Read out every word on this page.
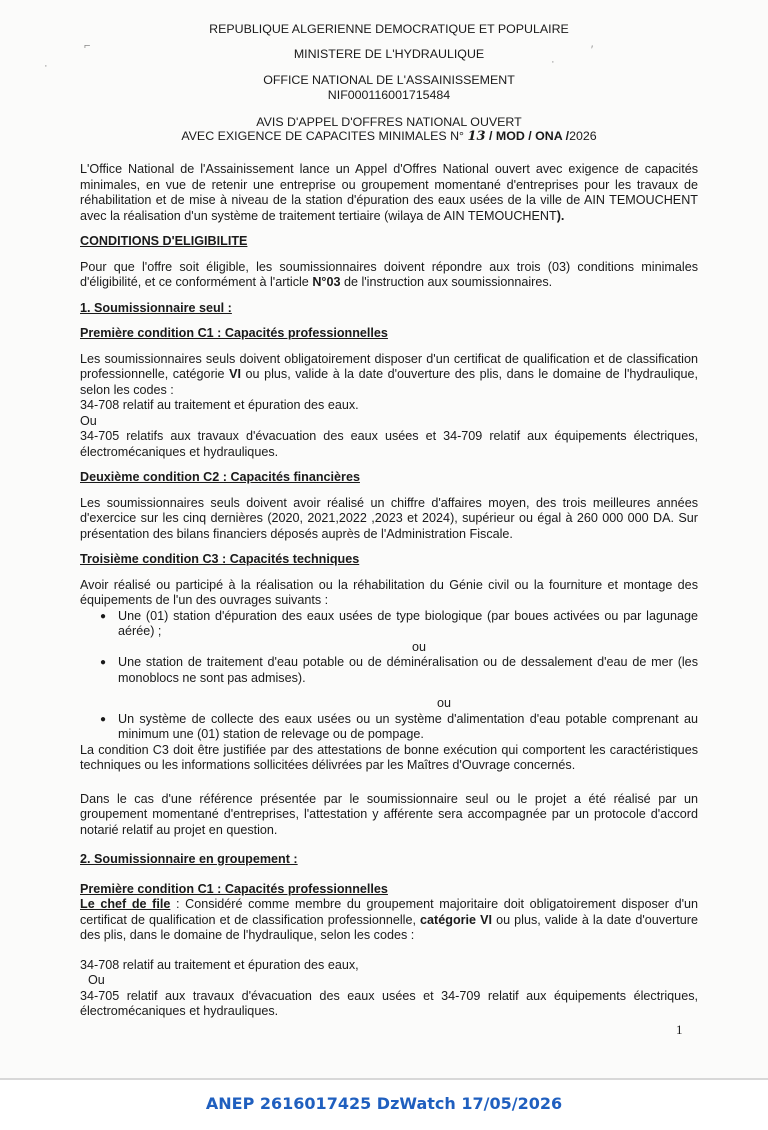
⌐
·
′
·

REPUBLIQUE ALGERIENNE DEMOCRATIQUE ET POPULAIRE

MINISTERE DE L'HYDRAULIQUE

OFFICE NATIONAL DE L'ASSAINISSEMENT

NIF000116001715484

AVIS D'APPEL D'OFFRES NATIONAL OUVERT

AVEC EXIGENCE DE CAPACITES MINIMALES N° 13 / MOD / ONA /2026

L'Office National de l'Assainissement lance un Appel d'Offres National ouvert avec exigence de capacités minimales, en vue de retenir une entreprise ou groupement momentané d'entreprises pour les travaux de réhabilitation et de mise à niveau de la station d'épuration des eaux usées de la ville de AIN TEMOUCHENT avec la réalisation d'un système de traitement tertiaire (wilaya de AIN TEMOUCHENT).

CONDITIONS D'ELIGIBILITE

Pour que l'offre soit éligible, les soumissionnaires doivent répondre aux trois (03) conditions minimales d'éligibilité, et ce conformément à l'article N°03 de l'instruction aux soumissionnaires.

1. Soumissionnaire seul :

Première condition C1 : Capacités professionnelles

Les soumissionnaires seuls doivent obligatoirement disposer d'un certificat de qualification et de classification professionnelle, catégorie VI ou plus, valide à la date d'ouverture des plis, dans le domaine de l'hydraulique, selon les codes :

34-708 relatif au traitement et épuration des eaux.

Ou

34-705 relatifs aux travaux d'évacuation des eaux usées et 34-709 relatif aux équipements électriques, électromécaniques et hydrauliques.

Deuxième condition C2 : Capacités financières

Les soumissionnaires seuls doivent avoir réalisé un chiffre d'affaires moyen, des trois meilleures années d'exercice sur les cinq dernières (2020, 2021,2022 ,2023 et 2024), supérieur ou égal à 260 000 000 DA. Sur présentation des bilans financiers déposés auprès de l'Administration Fiscale.

Troisième condition C3 : Capacités techniques

Avoir réalisé ou participé à la réalisation ou la réhabilitation du Génie civil ou la fourniture et montage des équipements de l'un des ouvrages suivants :

● Une (01) station d'épuration des eaux usées de type biologique (par boues activées ou par lagunage aérée) ;

ou

● Une station de traitement d'eau potable ou de déminéralisation ou de dessalement d'eau de mer (les monoblocs ne sont pas admises).

ou

● Un système de collecte des eaux usées ou un système d'alimentation d'eau potable comprenant au minimum une (01) station de relevage ou de pompage.

La condition C3 doit être justifiée par des attestations de bonne exécution qui comportent les caractéristiques techniques ou les informations sollicitées délivrées par les Maîtres d'Ouvrage concernés.

Dans le cas d'une référence présentée par le soumissionnaire seul ou le projet a été réalisé par un groupement momentané d'entreprises, l'attestation y afférente sera accompagnée par un protocole d'accord notarié relatif au projet en question.

2. Soumissionnaire en groupement :

Première condition C1 : Capacités professionnelles

Le chef de file : Considéré comme membre du groupement majoritaire doit obligatoirement disposer d'un certificat de qualification et de classification professionnelle, catégorie VI ou plus, valide à la date d'ouverture des plis, dans le domaine de l'hydraulique, selon les codes :

34-708 relatif au traitement et épuration des eaux,

Ou

34-705 relatif aux travaux d'évacuation des eaux usées et 34-709 relatif aux équipements électriques, électromécaniques et hydrauliques.

1
ANEP 2616017425 DzWatch 17/05/2026
